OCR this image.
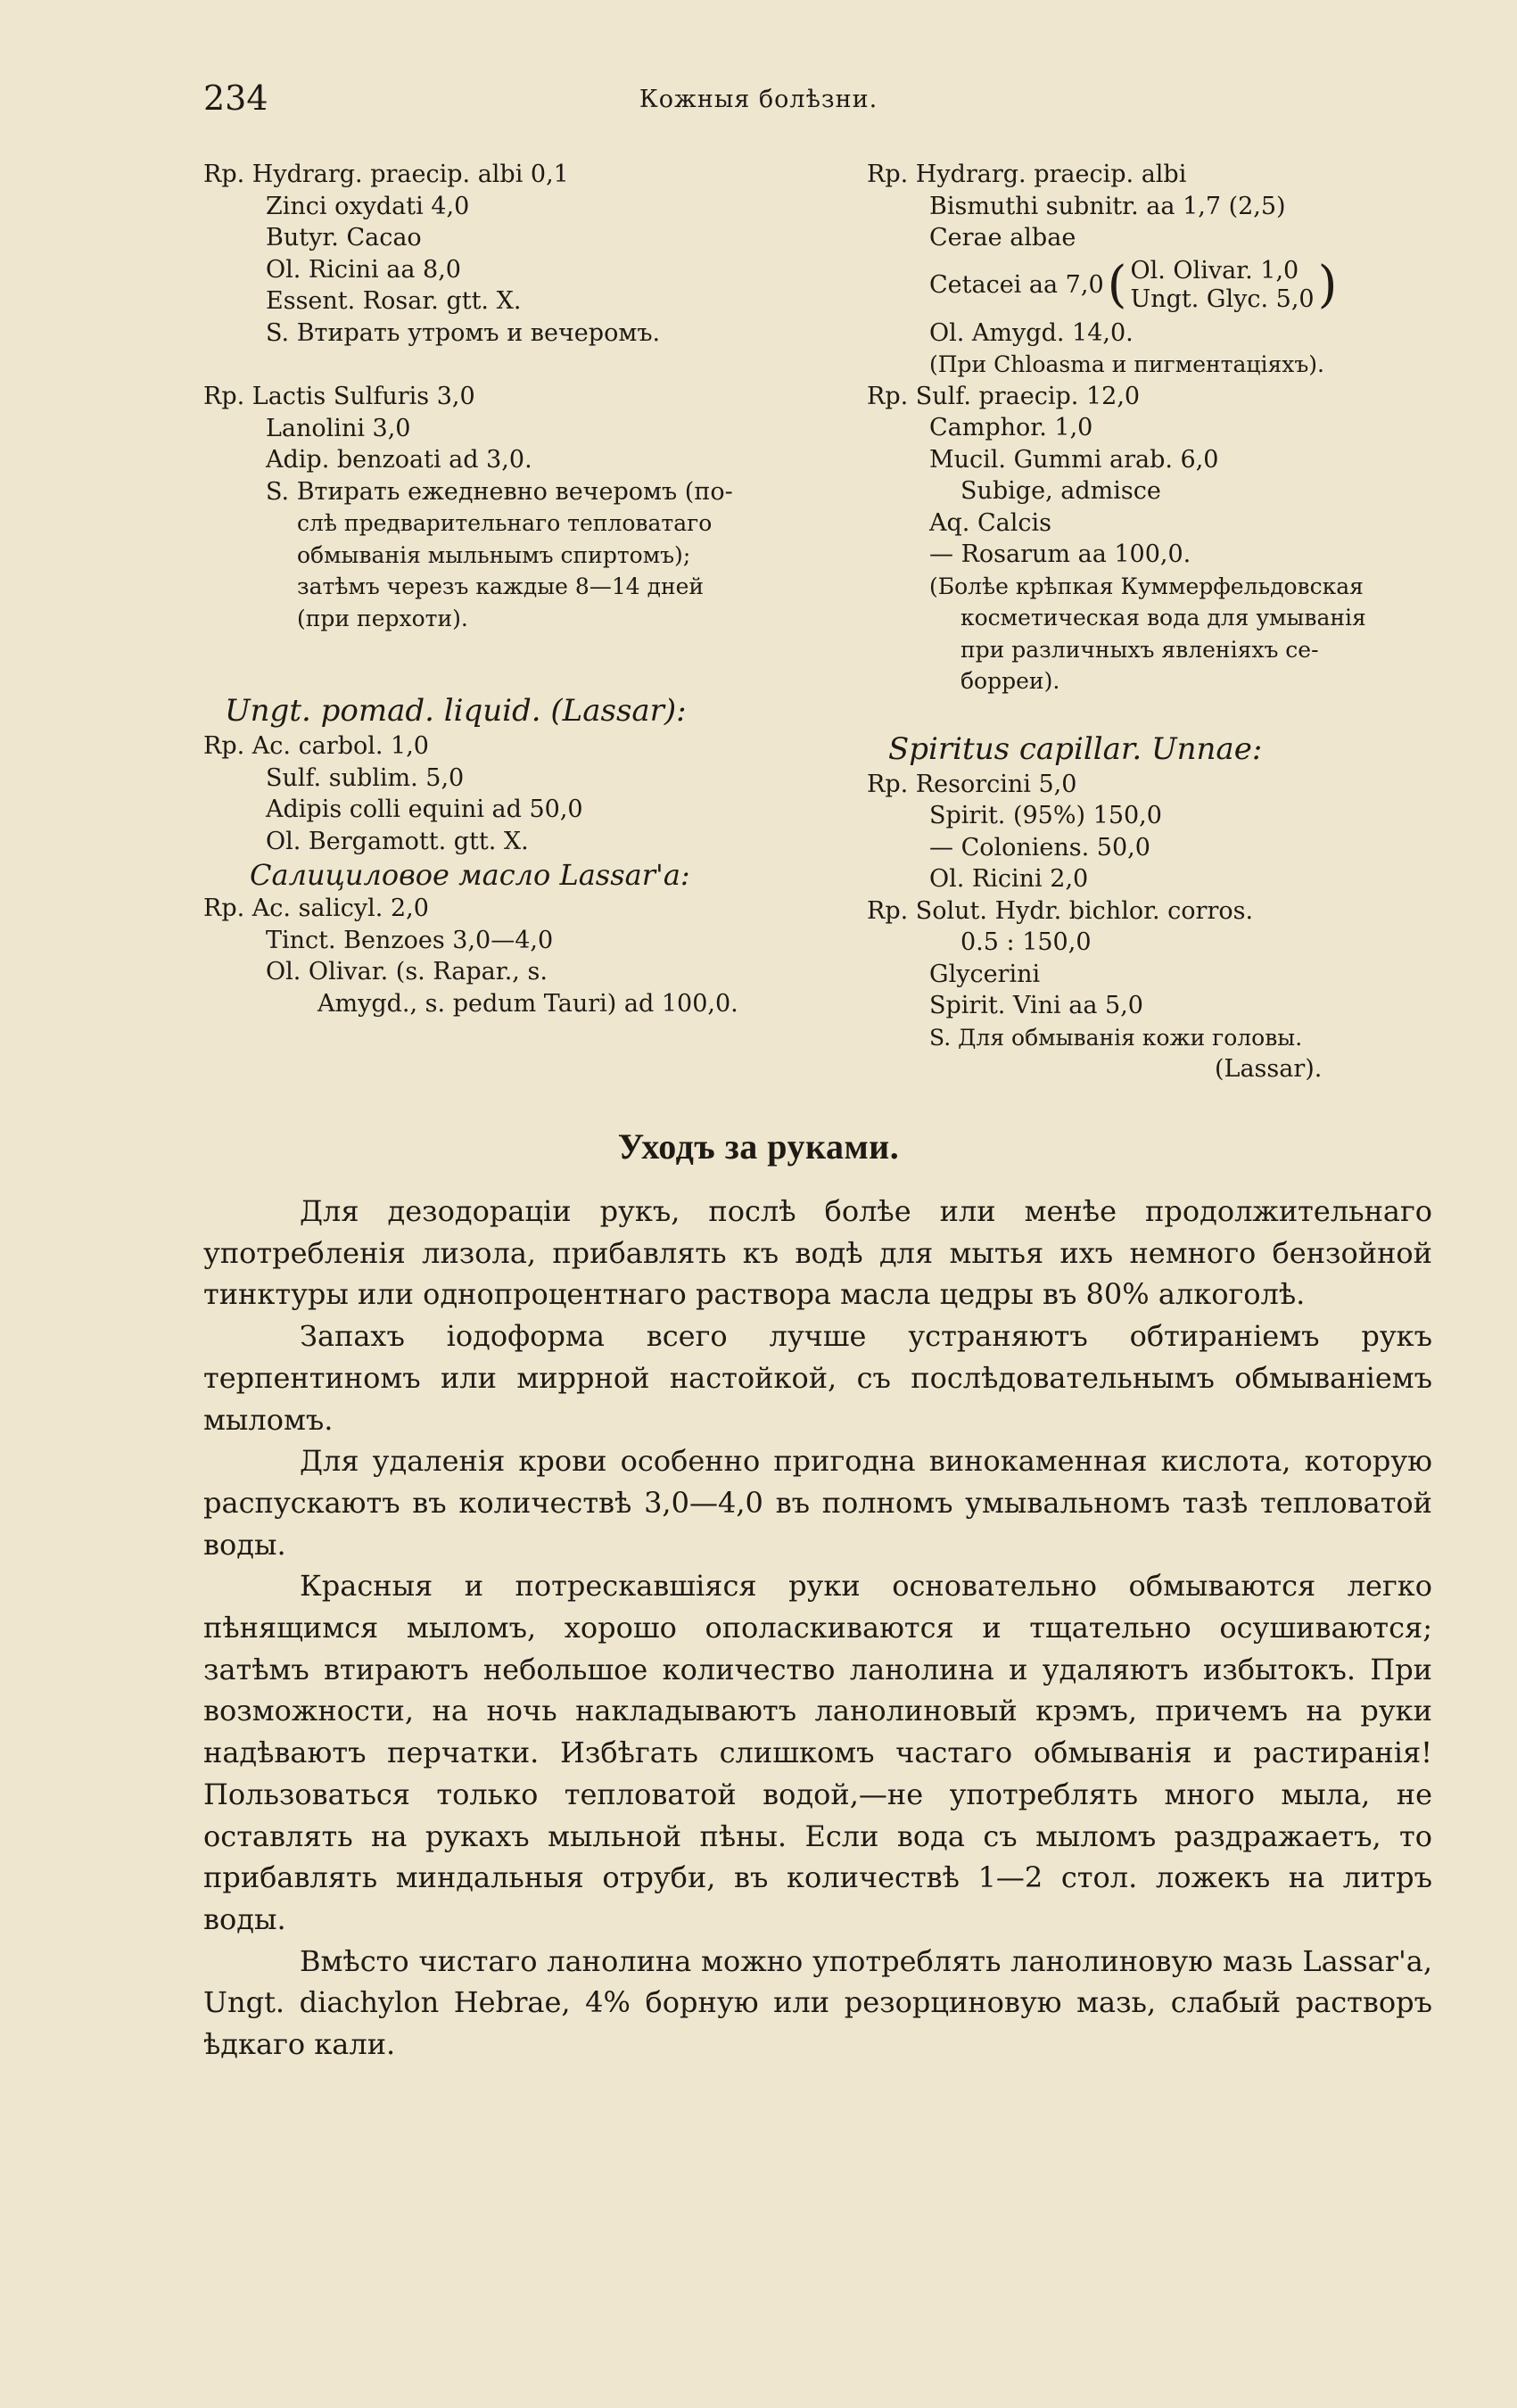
234	Кожныя болѣзни.
Rp. Hydrarg. praecip. albi 0,1
Zinci oxydati 4,0
Butyr. Cacao
Ol. Ricini aa 8,0
Essent. Rosar. gtt. X.
S. Втирать утромъ и вечеромъ.
Rp. Lactis Sulfuris 3,0
Lanolini 3,0
Adip. benzoati ad 3,0.
S. Втирать ежедневно вечеромъ (по-
слѣ предварительнаго тепловатаго
обмыванія мыльнымъ спиртомъ);
затѣмъ черезъ каждые 8—14 дней
(при перхоти).
Ungt. pomad. liquid. (Lassar):
Rp. Ac. carbol. 1,0
Sulf. sublim. 5,0
Adipis colli equini ad 50,0
Ol. Bergamott. gtt. X.
Салициловое масло Lassar'а:
Rp. Ac. salicyl. 2,0
Tinct. Benzoes 3,0—4,0
Ol. Olivar. (s. Rapar., s.
Amygd., s. pedum Tauri) ad 100,0.
Rp. Hydrarg. praecip. albi
Bismuthi subnitr. aa 1,7 (2,5)
Cerae albae
Cetacei aa 7,0 ( Ol. Olivar. 1,0
Ungt. Glyc. 5,0 )
Ol. Amygd. 14,0.
(При Chloasma и пигментаціяхъ).
Rp. Sulf. praecip. 12,0
Camphor. 1,0
Mucil. Gummi arab. 6,0
Subige, admisce
Aq. Calcis
— Rosarum aa 100,0.
(Болѣе крѣпкая Куммерфельдовская
косметическая вода для умыванія
при различныхъ явленіяхъ се-
борреи).
Spiritus capillar. Unnae:
Rp. Resorcini 5,0
Spirit. (95%) 150,0
— Coloniens. 50,0
Ol. Ricini 2,0
Rp. Solut. Hydr. bichlor. corros.
0.5 : 150,0
Glycerini
Spirit. Vini aa 5,0
S. Для обмыванія кожи головы.
(Lassar).
Уходъ за руками.

Для дезодораціи рукъ, послѣ болѣе или менѣе продолжительнаго употребленія лизола, прибавлять къ водѣ для мытья ихъ немного бензойной тинктуры или однопроцентнаго раствора масла цедры въ 80% алкоголѣ.

Запахъ іодоформа всего лучше устраняютъ обтираніемъ рукъ терпентиномъ или миррной настойкой, съ послѣдовательнымъ обмываніемъ мыломъ.

Для удаленія крови особенно пригодна винокаменная кислота, которую распускаютъ въ количествѣ 3,0—4,0 въ полномъ умывальномъ тазѣ тепловатой воды.

Красныя и потрескавшіяся руки основательно обмываются легко пѣнящимся мыломъ, хорошо ополаскиваются и тщательно осушиваются; затѣмъ втираютъ небольшое количество ланолина и удаляютъ избытокъ. При возможности, на ночь накладываютъ ланолиновый крэмъ, причемъ на руки надѣваютъ перчатки. Избѣгать слишкомъ частаго обмыванія и растиранія! Пользоваться только тепловатой водой,—не употреблять много мыла, не оставлять на рукахъ мыльной пѣны. Если вода съ мыломъ раздражаетъ, то прибавлять миндальныя отруби, въ количествѣ 1—2 стол. ложекъ на литръ воды.

Вмѣсто чистаго ланолина можно употреблять ланолиновую мазь Lassar'а, Ungt. diachylon Hebrae, 4% борную или резорциновую мазь, слабый растворъ ѣдкаго кали.
